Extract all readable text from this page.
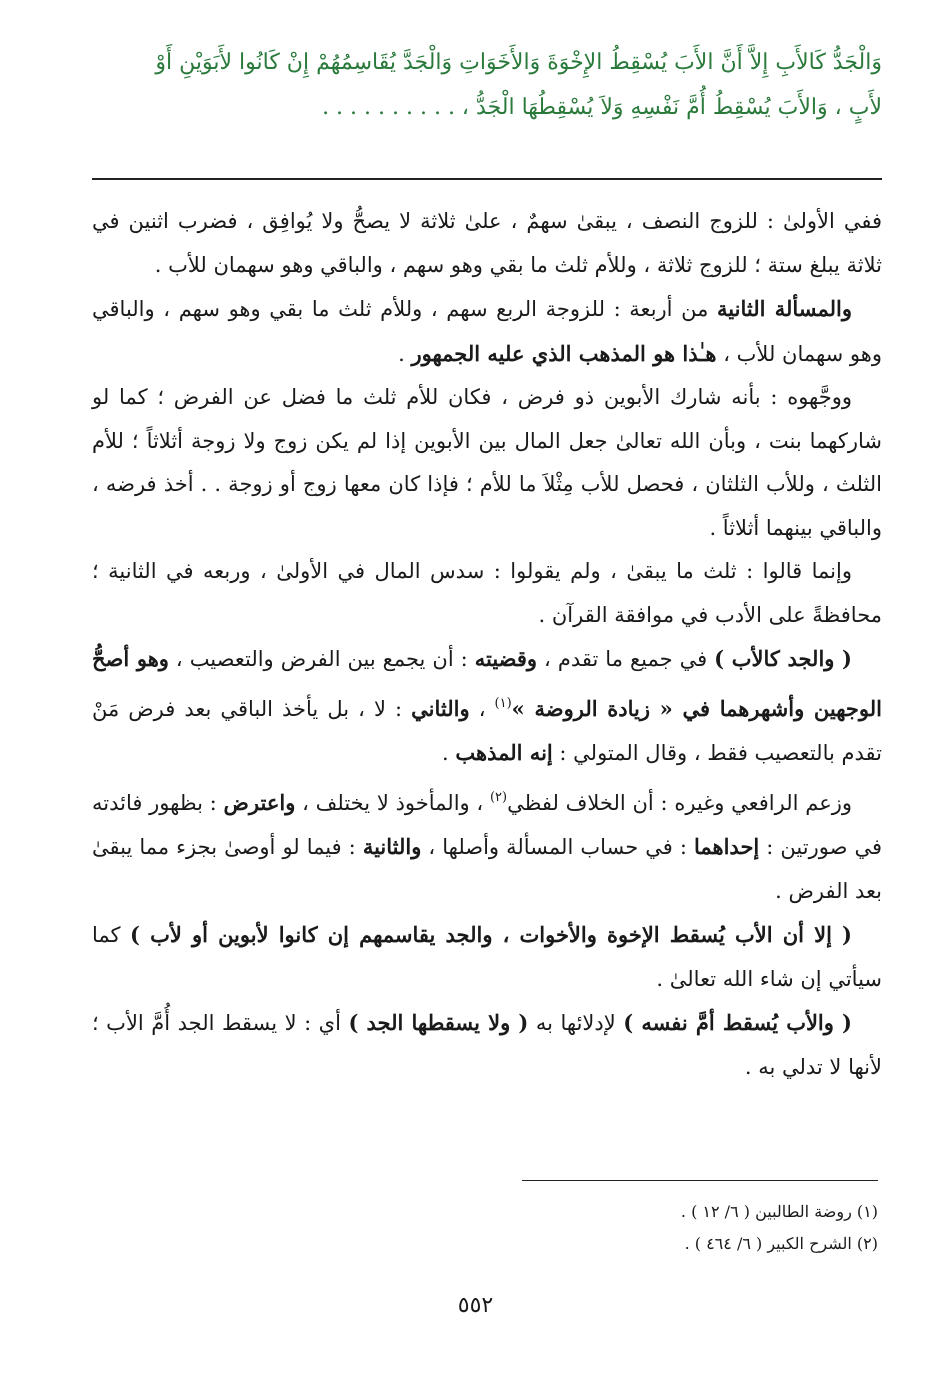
وَالْجَدُّ كَالأَبِ إِلاَّ أَنَّ الأَبَ يُسْقِطُ الإِخْوَةَ وَالأَخَوَاتِ وَالْجَدَّ يُقَاسِمُهُمْ إِنْ كَانُوا لأَبَوَيْنِ أَوْ
لأَبٍ ، وَالأَبَ يُسْقِطُ أُمَّ نَفْسِهِ وَلاَ يُسْقِطُهَا الْجَدُّ ، . . . . . . . . . .

ففي الأولىٰ : للزوج النصف ، يبقىٰ سهمٌ ، علىٰ ثلاثة لا يصحُّ ولا يُوافِق ، فضرب اثنين في ثلاثة يبلغ ستة ؛ للزوج ثلاثة ، وللأم ثلث ما بقي وهو سهم ، والباقي وهو سهمان للأب .

والمسألة الثانية من أربعة : للزوجة الربع سهم ، وللأم ثلث ما بقي وهو سهم ، والباقي وهو سهمان للأب ، هـٰذا هو المذهب الذي عليه الجمهور .

ووجَّهوه : بأنه شارك الأبوين ذو فرض ، فكان للأم ثلث ما فضل عن الفرض ؛ كما لو شاركهما بنت ، وبأن الله تعالىٰ جعل المال بين الأبوين إذا لم يكن زوج ولا زوجة أثلاثاً ؛ للأم الثلث ، وللأب الثلثان ، فحصل للأب مِثْلاَ ما للأم ؛ فإذا كان معها زوج أو زوجة . . أخذ فرضه ، والباقي بينهما أثلاثاً .

وإنما قالوا : ثلث ما يبقىٰ ، ولم يقولوا : سدس المال في الأولىٰ ، وربعه في الثانية ؛ محافظةً على الأدب في موافقة القرآن .

( والجد كالأب ) في جميع ما تقدم ، وقضيته : أن يجمع بين الفرض والتعصيب ، وهو أصحُّ الوجهين وأشهرهما في « زيادة الروضة »$^{(١)}$ ، والثاني : لا ، بل يأخذ الباقي بعد فرض مَنْ تقدم بالتعصيب فقط ، وقال المتولي : إنه المذهب .

وزعم الرافعي وغيره : أن الخلاف لفظي$^{(٢)}$ ، والمأخوذ لا يختلف ، واعترض : بظهور فائدته في صورتين : إحداهما : في حساب المسألة وأصلها ، والثانية : فيما لو أوصىٰ بجزء مما يبقىٰ بعد الفرض .

( إلا أن الأب يُسقط الإخوة والأخوات ، والجد يقاسمهم إن كانوا لأبوين أو لأب ) كما سيأتي إن شاء الله تعالىٰ .

( والأب يُسقط أمَّ نفسه ) لإدلائها به ( ولا يسقطها الجد ) أي : لا يسقط الجد أُمَّ الأب ؛ لأنها لا تدلي به .

(١) روضة الطالبين ( ٦/ ١٢ ) .
(٢) الشرح الكبير ( ٦/ ٤٦٤ ) .
٥٥٢
